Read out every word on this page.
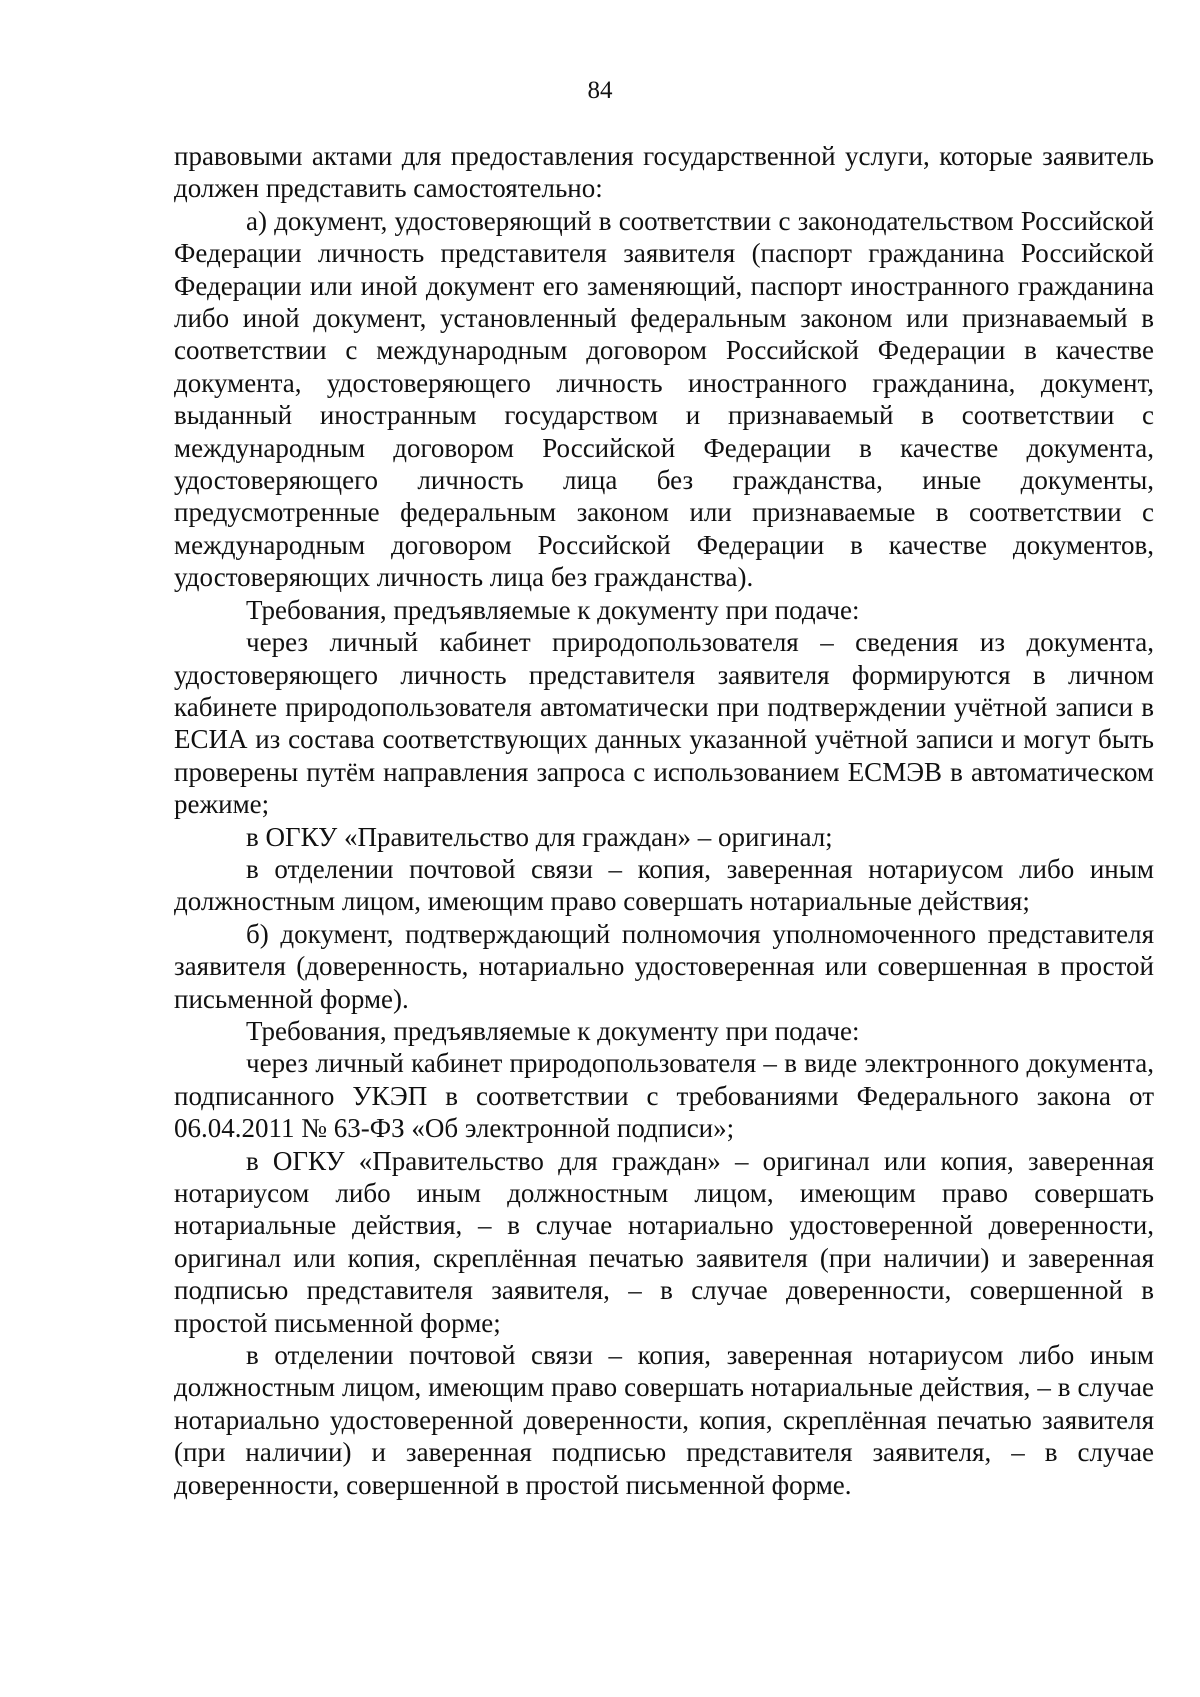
84

правовыми актами для предоставления государственной услуги, которые заявитель должен представить самостоятельно:

а) документ, удостоверяющий в соответствии с законодательством Российской Федерации личность представителя заявителя (паспорт гражданина Российской Федерации или иной документ его заменяющий, паспорт иностранного гражданина либо иной документ, установленный федеральным законом или признаваемый в соответствии с международным договором Российской Федерации в качестве документа, удостоверяющего личность иностранного гражданина, документ, выданный иностранным государством и признаваемый в соответствии с международным договором Российской Федерации в качестве документа, удостоверяющего личность лица без гражданства, иные документы, предусмотренные федеральным законом или признаваемые в соответствии с международным договором Российской Федерации в качестве документов, удостоверяющих личность лица без гражданства).

Требования, предъявляемые к документу при подаче:

через личный кабинет природопользователя – сведения из документа, удостоверяющего личность представителя заявителя формируются в личном кабинете природопользователя автоматически при подтверждении учётной записи в ЕСИА из состава соответствующих данных указанной учётной записи и могут быть проверены путём направления запроса с использованием ЕСМЭВ в автоматическом режиме;

в ОГКУ «Правительство для граждан» – оригинал;

в отделении почтовой связи – копия, заверенная нотариусом либо иным должностным лицом, имеющим право совершать нотариальные действия;

б) документ, подтверждающий полномочия уполномоченного представителя заявителя (доверенность, нотариально удостоверенная или совершенная в простой письменной форме).

Требования, предъявляемые к документу при подаче:

через личный кабинет природопользователя – в виде электронного документа, подписанного УКЭП в соответствии с требованиями Федерального закона от 06.04.2011 № 63-ФЗ «Об электронной подписи»;

в ОГКУ «Правительство для граждан» – оригинал или копия, заверенная нотариусом либо иным должностным лицом, имеющим право совершать нотариальные действия, – в случае нотариально удостоверенной доверенности, оригинал или копия, скреплённая печатью заявителя (при наличии) и заверенная подписью представителя заявителя, – в случае доверенности, совершенной в простой письменной форме;

в отделении почтовой связи – копия, заверенная нотариусом либо иным должностным лицом, имеющим право совершать нотариальные действия, – в случае нотариально удостоверенной доверенности, копия, скреплённая печатью заявителя (при наличии) и заверенная подписью представителя заявителя, – в случае доверенности, совершенной в простой письменной форме.
